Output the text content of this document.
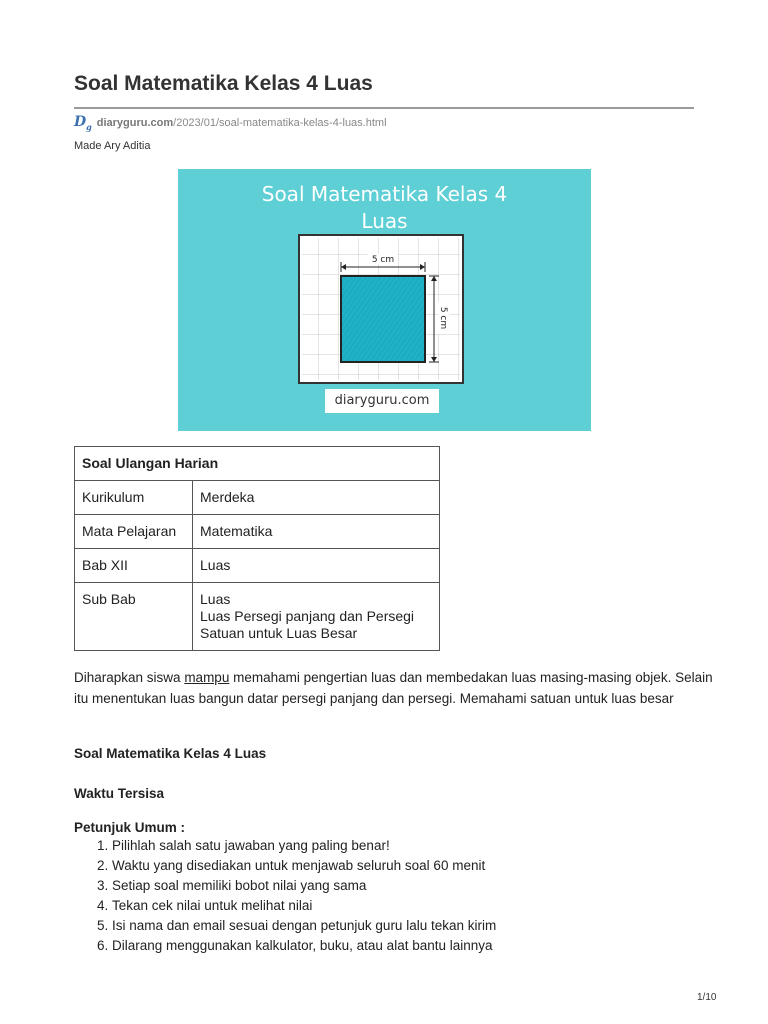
Soal Matematika Kelas 4 Luas
$D_g$ diaryguru.com /2023/01/soal-matematika-kelas-4-luas.html
Made Ary Aditia
Soal Matematika Kelas 4
Luas
5 cm
5 cm
diaryguru.com
Soal Ulangan Harian	
Kurikulum	Merdeka
Mata Pelajaran	Matematika
Bab XII	Luas
Sub Bab	Luas
Luas Persegi panjang dan Persegi
Satuan untuk Luas Besar

Diharapkan siswa mampu memahami pengertian luas dan membedakan luas masing-masing objek. Selain itu menentukan luas bangun datar persegi panjang dan persegi. Memahami satuan untuk luas besar

Soal Matematika Kelas 4 Luas
Waktu Tersisa
Petunjuk Umum :
1. Pilihlah salah satu jawaban yang paling benar!
2. Waktu yang disediakan untuk menjawab seluruh soal 60 menit
3. Setiap soal memiliki bobot nilai yang sama
4. Tekan cek nilai untuk melihat nilai
5. Isi nama dan email sesuai dengan petunjuk guru lalu tekan kirim
6. Dilarang menggunakan kalkulator, buku, atau alat bantu lainnya
1/10
